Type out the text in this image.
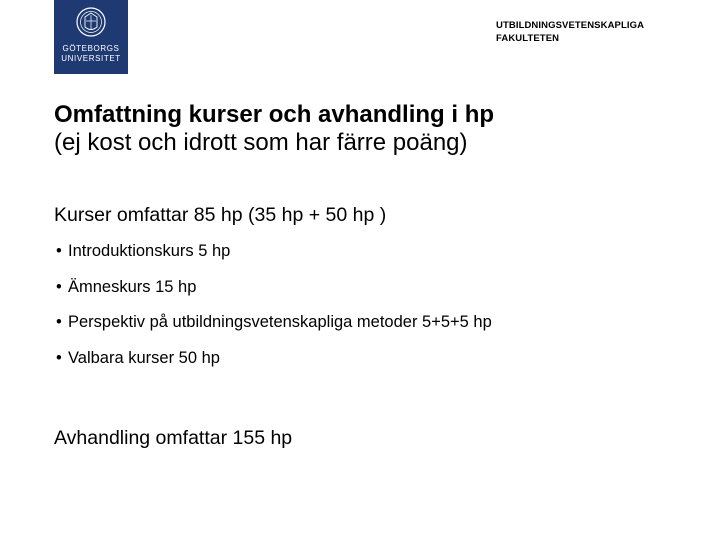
GÖTEBORGS
UNIVERSITET
UTBILDNINGSVETENSKAPLIGA
FAKULTETEN
Omfattning kurser och avhandling i hp
(ej kost och idrott som har färre poäng)
Kurser omfattar 85 hp (35 hp + 50 hp )
• Introduktionskurs 5 hp
• Ämneskurs 15 hp
• Perspektiv på utbildningsvetenskapliga metoder 5+5+5 hp
• Valbara kurser 50 hp
Avhandling omfattar 155 hp
